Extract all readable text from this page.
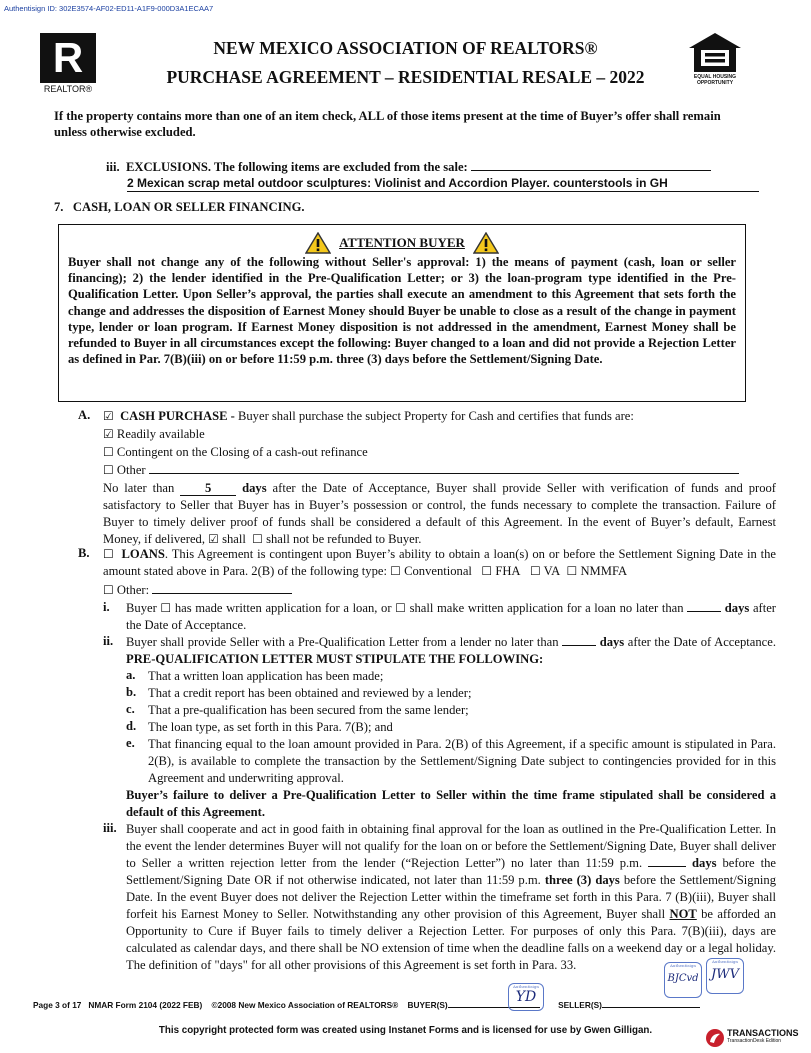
Authentisign ID: 302E3574-AF02-ED11-A1F9-000D3A1ECAA7
R
REALTOR®
NEW MEXICO ASSOCIATION OF REALTORS®
PURCHASE AGREEMENT – RESIDENTIAL RESALE – 2022	EQUAL HOUSING
OPPORTUNITY
If the property contains more than one of an item check, ALL of those items present at the time of Buyer’s offer shall remain unless otherwise excluded.
iii. EXCLUSIONS. The following items are excluded from the sale:
2 Mexican scrap metal outdoor sculptures: Violinist and Accordion Player. counterstools in GH
7. CASH, LOAN OR SELLER FINANCING.
ATTENTION BUYER
Buyer shall not change any of the following without Seller's approval: 1) the means of payment (cash, loan or seller financing); 2) the lender identified in the Pre-Qualification Letter; or 3) the loan-program type identified in the Pre-Qualification Letter. Upon Seller’s approval, the parties shall execute an amendment to this Agreement that sets forth the change and addresses the disposition of Earnest Money should Buyer be unable to close as a result of the change in payment type, lender or loan program. If Earnest Money disposition is not addressed in the amendment, Earnest Money shall be refunded to Buyer in all circumstances except the following: Buyer changed to a loan and did not provide a Rejection Letter as defined in Par. 7(B)(iii) on or before 11:59 p.m. three (3) days before the Settlement/Signing Date.
A. ☑ CASH PURCHASE - Buyer shall purchase the subject Property for Cash and certifies that funds are:
☑ Readily available
☐ Contingent on the Closing of a cash-out refinance
☐ Other
No later than 5 days after the Date of Acceptance, Buyer shall provide Seller with verification of funds and proof satisfactory to Seller that Buyer has in Buyer’s possession or control, the funds necessary to complete the transaction. Failure of Buyer to timely deliver proof of funds shall be considered a default of this Agreement. In the event of Buyer’s default, Earnest Money, if delivered, ☑ shall ☐ shall not be refunded to Buyer.
B. ☐ LOANS. This Agreement is contingent upon Buyer’s ability to obtain a loan(s) on or before the Settlement Signing Date in the amount stated above in Para. 2(B) of the following type: ☐ Conventional ☐ FHA ☐ VA ☐ NMMFA
☐ Other:
i. Buyer ☐ has made written application for a loan, or ☐ shall make written application for a loan no later than	days after the Date of Acceptance.
ii. Buyer shall provide Seller with a Pre-Qualification Letter from a lender no later than	days after the Date of Acceptance. PRE-QUALIFICATION LETTER MUST STIPULATE THE FOLLOWING:
a. That a written loan application has been made;
b. That a credit report has been obtained and reviewed by a lender;
c. That a pre-qualification has been secured from the same lender;
d. The loan type, as set forth in this Para. 7(B); and
e. That financing equal to the loan amount provided in Para. 2(B) of this Agreement, if a specific amount is stipulated in Para. 2(B), is available to complete the transaction by the Settlement/Signing Date subject to contingencies provided for in this Agreement and underwriting approval.
Buyer’s failure to deliver a Pre-Qualification Letter to Seller within the time frame stipulated shall be considered a default of this Agreement.
iii. Buyer shall cooperate and act in good faith in obtaining final approval for the loan as outlined in the Pre-Qualification Letter. In the event the lender determines Buyer will not qualify for the loan on or before the Settlement/Signing Date, Buyer shall deliver to Seller a written rejection letter from the lender (“Rejection Letter”) no later than 11:59 p.m.	days before the Settlement/Signing Date OR if not otherwise indicated, not later than 11:59 p.m. three (3) days before the Settlement/Signing Date. In the event Buyer does not deliver the Rejection Letter within the timeframe set forth in this Para. 7 (B)(iii), Buyer shall forfeit his Earnest Money to Seller. Notwithstanding any other provision of this Agreement, Buyer shall NOT be afforded an Opportunity to Cure if Buyer fails to timely deliver a Rejection Letter. For purposes of only this Para. 7(B)(iii), days are calculated as calendar days, and there shall be NO extension of time when the deadline falls on a weekend day or a legal holiday. The definition of "days" for all other provisions of this Agreement is set forth in Para. 33.
Page 3 of 17 NMAR Form 2104 (2022 FEB) ©2008 New Mexico Association of REALTORS® BUYER(S)	SELLER(S)
Authentisign
YD
Authentisign
BJCvd
Authentisign
JWV
This copyright protected form was created using Instanet Forms and is licensed for use by Gwen Gilligan.	TRANSACTIONS
TransactionDesk Edition
